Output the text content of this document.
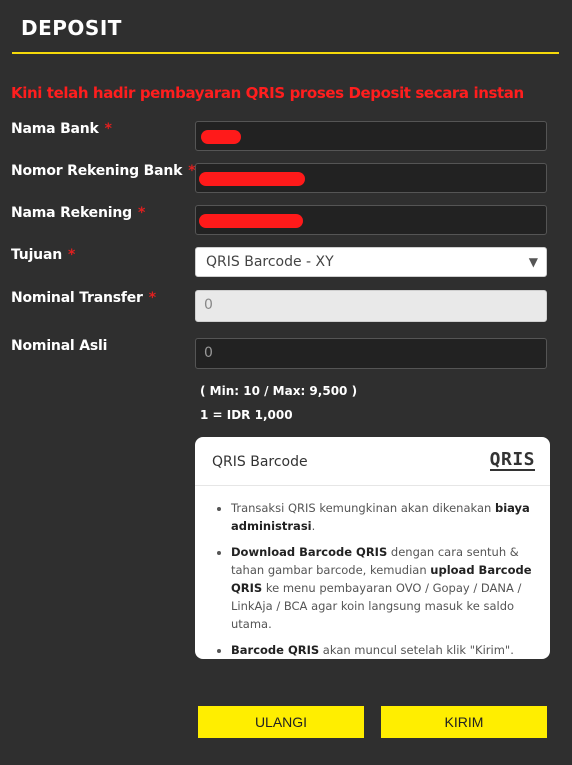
DEPOSIT
Kini telah hadir pembayaran QRIS proses Deposit secara instan
Nama Bank *
Nomor Rekening Bank *
Nama Rekening *
Tujuan *	QRIS Barcode - XY	▼
Nominal Transfer *	0
Nominal Asli	0
( Min: 10 / Max: 9,500 )
1 = IDR 1,000
QRIS Barcode	QRIS
• Transaksi QRIS kemungkinan akan dikenakan biaya administrasi.
• Download Barcode QRIS dengan cara sentuh & tahan gambar barcode, kemudian upload Barcode QRIS ke menu pembayaran OVO / Gopay / DANA / LinkAja / BCA agar koin langsung masuk ke saldo utama.
• Barcode QRIS akan muncul setelah klik "Kirim".
ULANGI	KIRIM
